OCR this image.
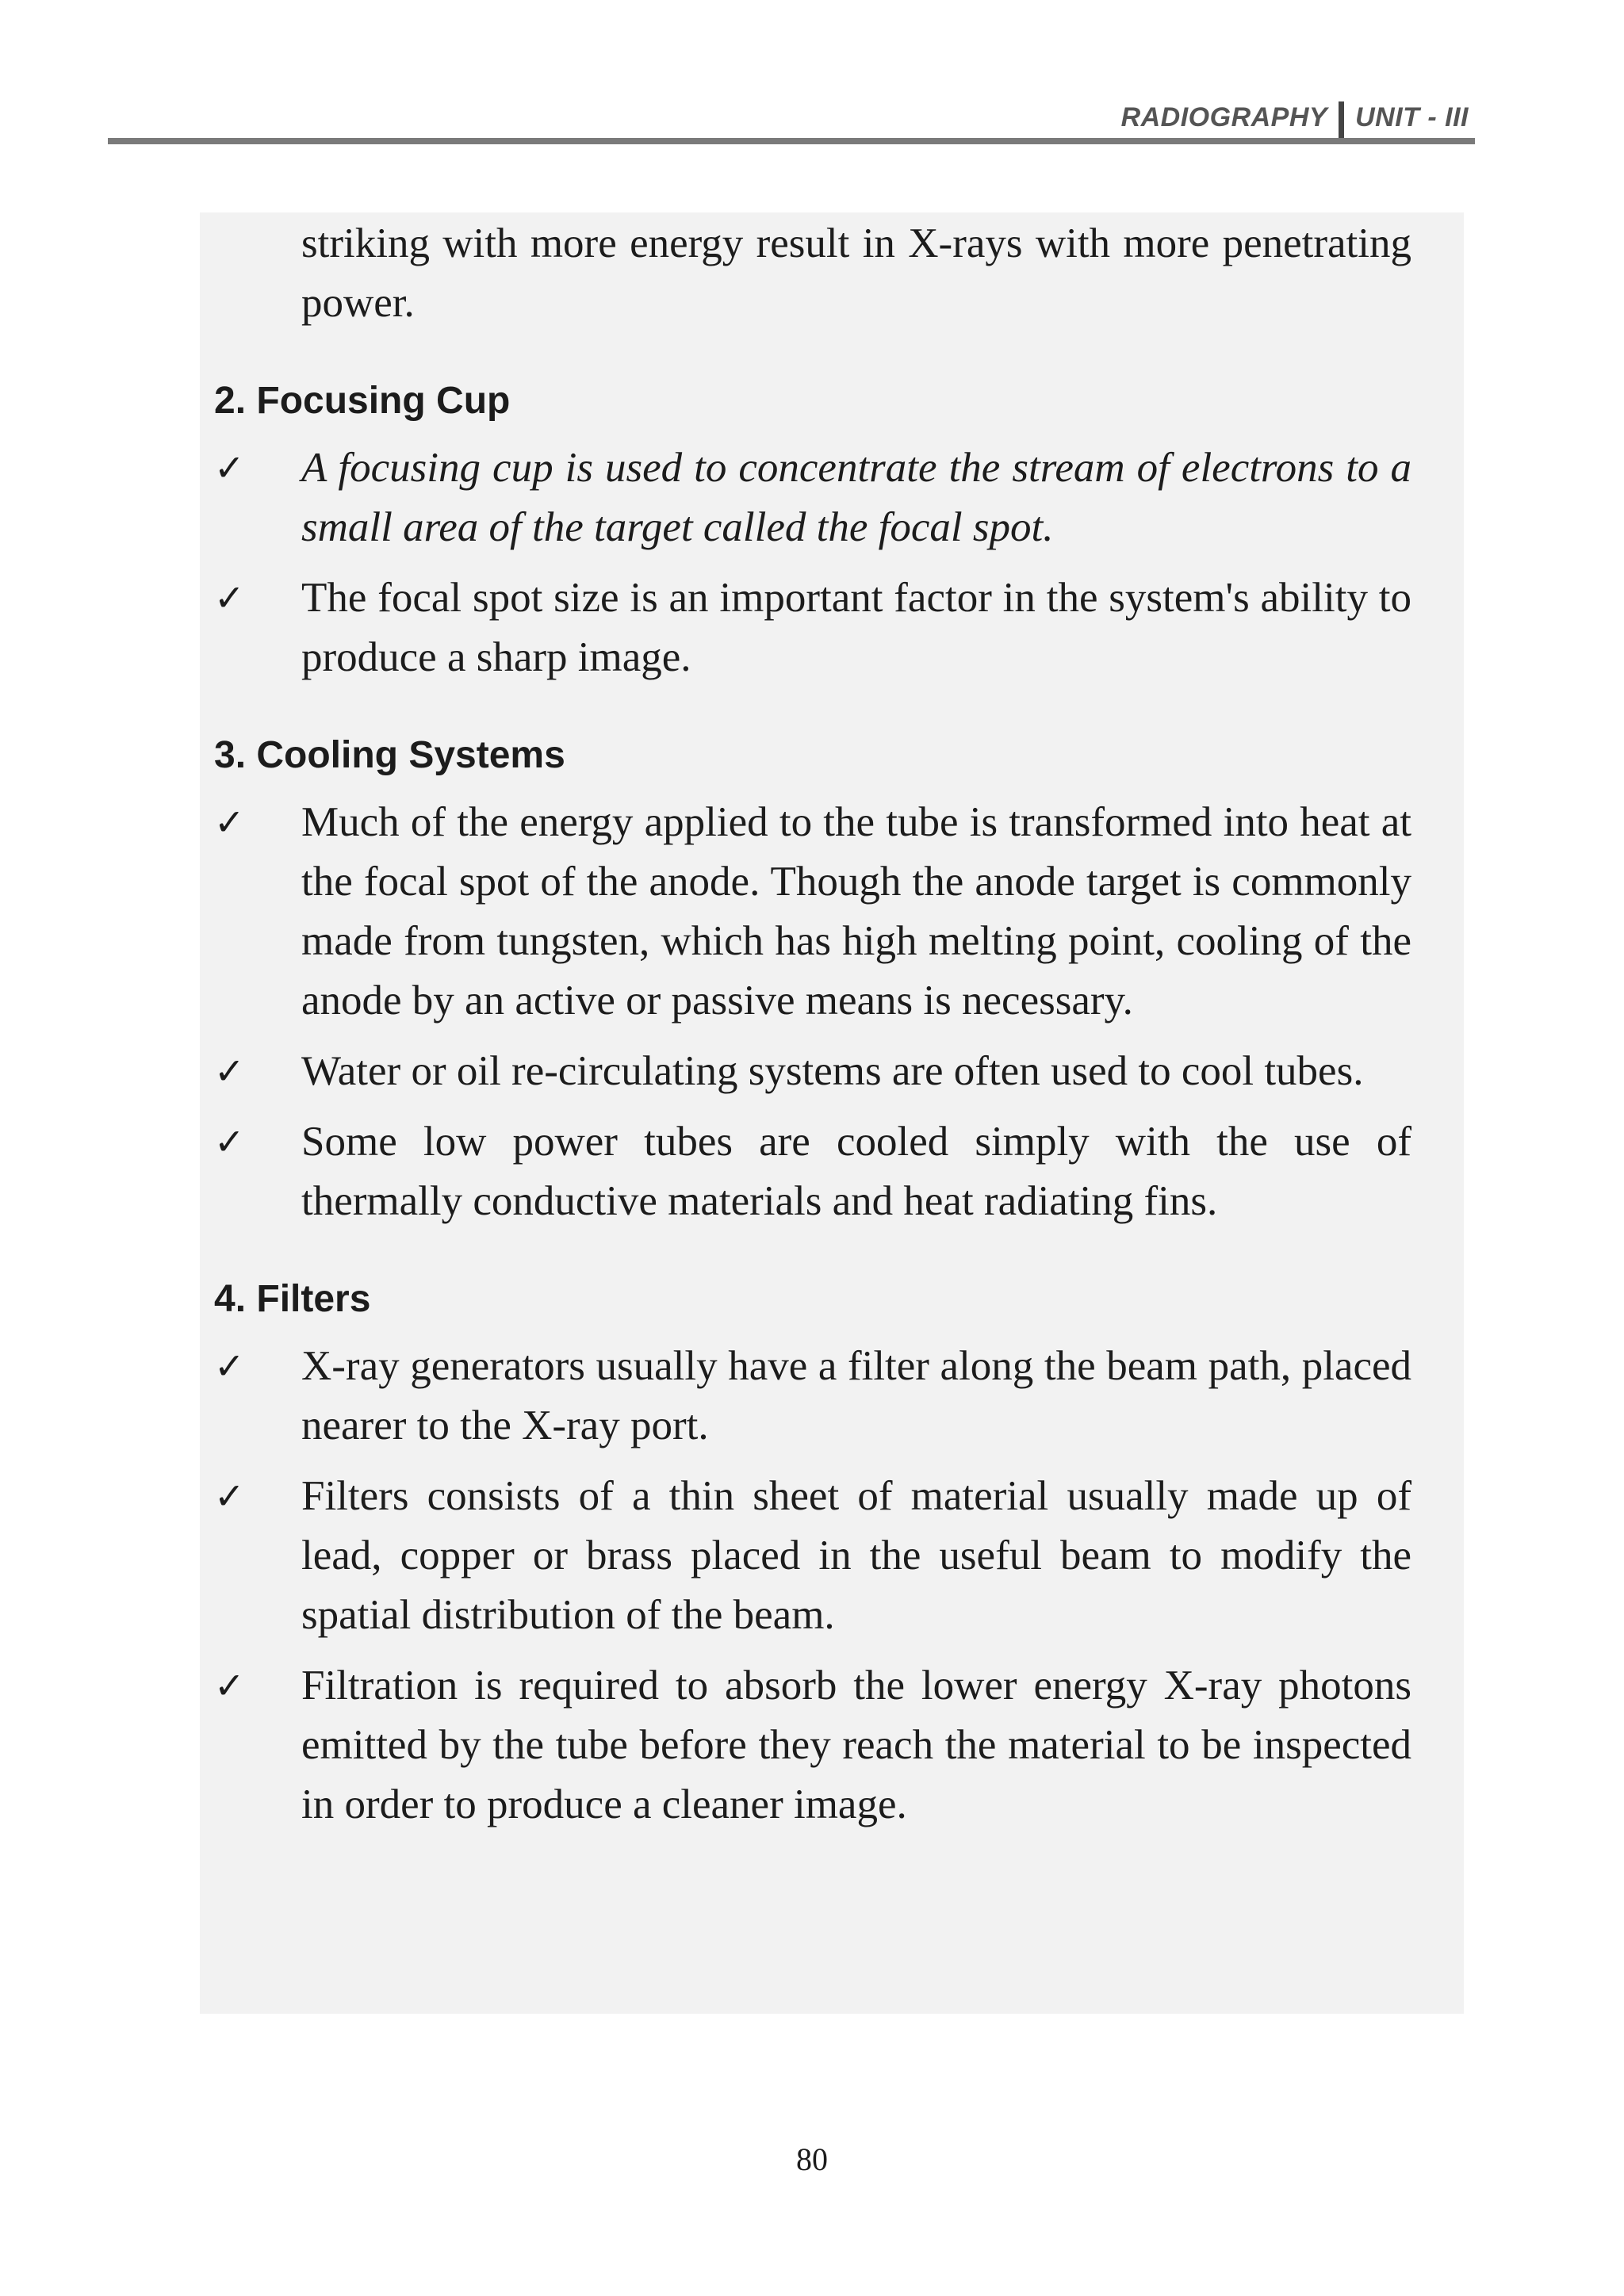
RADIOGRAPHY UNIT - III
striking with more energy result in X-rays with more penetrating power.
2. Focusing Cup
✓	A focusing cup is used to concentrate the stream of electrons to a small area of the target called the focal spot.
✓	The focal spot size is an important factor in the system's ability to produce a sharp image.
3. Cooling Systems
✓	Much of the energy applied to the tube is transformed into heat at the focal spot of the anode. Though the anode target is commonly made from tungsten, which has high melting point, cooling of the anode by an active or passive means is necessary.
✓	Water or oil re-circulating systems are often used to cool tubes.
✓	Some low power tubes are cooled simply with the use of thermally conductive materials and heat radiating fins.
4. Filters
✓	X-ray generators usually have a filter along the beam path, placed nearer to the X-ray port.
✓	Filters consists of a thin sheet of material usually made up of lead, copper or brass placed in the useful beam to modify the spatial distribution of the beam.
✓	Filtration is required to absorb the lower energy X-ray photons emitted by the tube before they reach the material to be inspected in order to produce a cleaner image.
80
